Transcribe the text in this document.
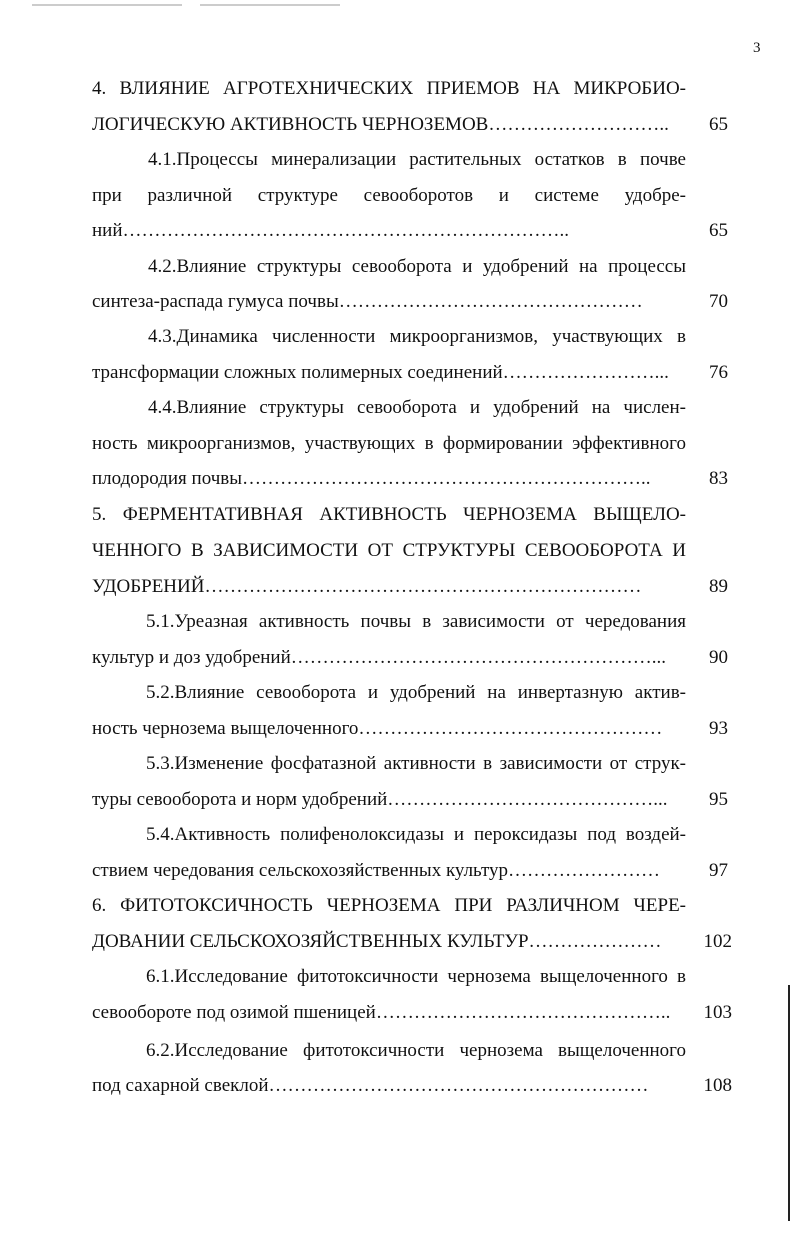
3
4. ВЛИЯНИЕ АГРОТЕХНИЧЕСКИХ ПРИЕМОВ НА МИКРОБИО-
ЛОГИЧЕСКУЮ АКТИВНОСТЬ ЧЕРНОЗЕМОВ………………………..	65
4.1.Процессы минерализации растительных остатков в почве
при различной структуре севооборотов и системе удобре-
ний……………………………………………………………..	65
4.2.Влияние структуры севооборота и удобрений на процессы
синтеза-распада гумуса почвы…………………………………………	70
4.3.Динамика численности микроорганизмов, участвующих в
трансформации сложных полимерных соединений……………………...	76
4.4.Влияние структуры севооборота и удобрений на числен-
ность микроорганизмов, участвующих в формировании эффективного
плодородия почвы………………………………………………………..	83
5. ФЕРМЕНТАТИВНАЯ АКТИВНОСТЬ ЧЕРНОЗЕМА ВЫЩЕЛО-
ЧЕННОГО В ЗАВИСИМОСТИ ОТ СТРУКТУРЫ СЕВООБОРОТА И
УДОБРЕНИЙ……………………………………………………………	89
5.1.Уреазная активность почвы в зависимости от чередования
культур и доз удобрений…………………………………………………...	90
5.2.Влияние севооборота и удобрений на инвертазную актив-
ность чернозема выщелоченного…………………………………………	93
5.3.Изменение фосфатазной активности в зависимости от струк-
туры севооборота и норм удобрений……………………………………...	95
5.4.Активность полифенолоксидазы и пероксидазы под воздей-
ствием чередования сельскохозяйственных культур……………………	97
6. ФИТОТОКСИЧНОСТЬ ЧЕРНОЗЕМА ПРИ РАЗЛИЧНОМ ЧЕРЕ-
ДОВАНИИ СЕЛЬСКОХОЗЯЙСТВЕННЫХ КУЛЬТУР…………………	102
6.1.Исследование фитотоксичности чернозема выщелоченного в
севообороте под озимой пшеницей………………………………………..	103
6.2.Исследование фитотоксичности чернозема выщелоченного
под сахарной свеклой……………………………………………………	108
